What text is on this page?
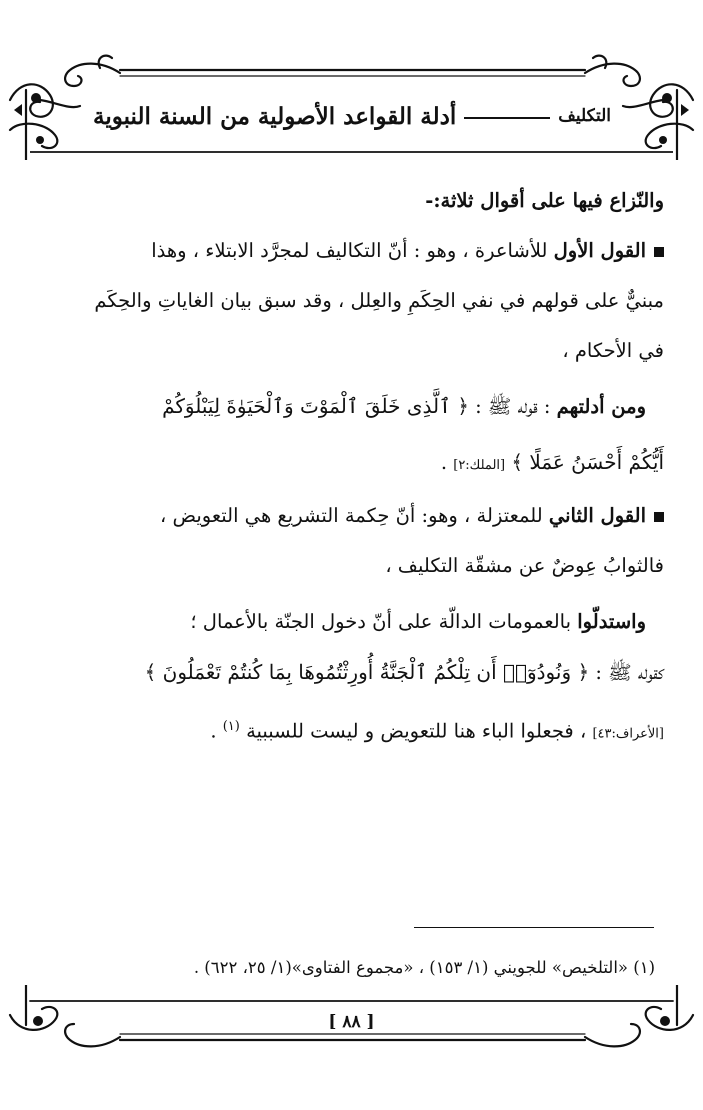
أدلة القواعد الأصولية من السنة النبوية	التكليف
والنّزاع فيها على أقوال ثلاثة:-
القول الأول للأشاعرة ، وهو : أنّ التكاليف لمجرَّد الابتلاء ، وهذا
مبنيٌّ على قولهم في نفي الحِكَمِ والعِلل ، وقد سبق بيان الغاياتِ والحِكَم
في الأحكام ،
ومن أدلتهم : قوله ﷺ : ﴿ ٱلَّذِى خَلَقَ ٱلْمَوْتَ وَٱلْحَيَوٰةَ لِيَبْلُوَكُمْ
أَيُّكُمْ أَحْسَنُ عَمَلًا ﴾ [الملك:٢] .
القول الثاني للمعتزلة ، وهو: أنّ حِكمة التشريع هي التعويض ،
فالثوابُ عِوضٌ عن مشقّة التكليف ،
واستدلّوا بالعمومات الدالّة على أنّ دخول الجنّة بالأعمال ؛
كقوله ﷺ : ﴿ وَنُودُوٓا۟ أَن تِلْكُمُ ٱلْجَنَّةُ أُورِثْتُمُوهَا بِمَا كُنتُمْ تَعْمَلُونَ ﴾
[الأعراف:٤٣] ، فجعلوا الباء هنا للتعويض و ليست للسببية $^{(١)}$ .
(١) «التلخيص» للجويني (١/ ١٥٣) ، «مجموع الفتاوى»(١/ ٢٥، ٦٢٢) .
[ ٨٨ ]
